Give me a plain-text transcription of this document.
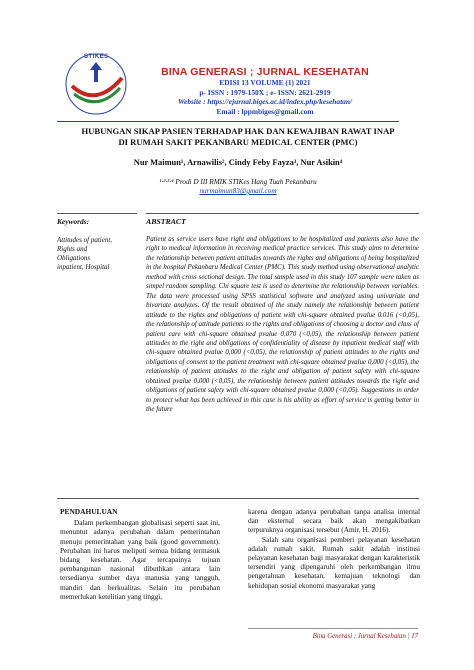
STIKES
BINA GENERASI ; JURNAL KESEHATAN
EDISI 13 VOLUME (1) 2021
p- ISSN : 1979-150X ; e- ISSN: 2621-2919
Website : https://ejurnal.biges.ac.id/index.php/kesehatan/
Email : lppmbiges@gmail.com
HUBUNGAN SIKAP PASIEN TERHADAP HAK DAN KEWAJIBAN RAWAT INAP
DI RUMAH SAKIT PEKANBARU MEDICAL CENTER (PMC)
Nur Maimun¹, Arnawilis², Cindy Feby Fayza³, Nur Asikin⁴
¹·²·³·⁴ Prodi D III RMIK STIKes Hang Tuah Pekanbaru
nurmaimun83@gmail.com
Keywords:
Attitudes of patient,
Rights and
Obligations
inpatient, Hospital
ABSTRACT
Patient as service users have right and obligations to be hospitalized and patients also have the right to medical information in receiving medical practice services. This study aims to determine the relationship between patient attitudes towards the rights and obligations of being hospitalized in the hospital Pekanbaru Medical Center (PMC). This study method using observational analytic method with cross sectional design. The total sample used in this study 107 sample were taken as simpel random sampling. Chi square test is used to determine the relationship between variables. The data were processed using SPSS statistical software and analyzed using univariate and bivariate analyzes. Of the result obtained of the study namely the relationship between patient attitude to the rights and obligations of patient with chi-square obtained pvalue 0.016 (<0,05), the relationship of attitude patients to the rights and obligations of choosing a doctor and class of patient care with chi-square obtained pvalue 0,070 (<0,05), the relationship between patient attitudes to the right and obligations of confidentiality of disease by inpatient medical staff with chi-square obtained pvalue 0,000 (<0,05), the relationship of patient attitudes to the rights and obligations of consent to the patient treatment with chi-square obtained pvalue 0,000 (<0,05), the relationship of patient attitudes to the right and obligation of patient safety with chi-square obtained pvalue 0,000 (<0,05), the relationship between patient attitudes towards the right and obligations of patient safety with chi-square obtained pvalue 0,000 (<0,05). Suggestions in order to protect what has been achieved in this case is his ability as effort of service is getting better in the future
PENDAHULUAN

Dalam perkembangan globalisasi seperti saat ini, menuntut adanya perubahan dalam pemerintahan menuju pemerintahan yang baik (good government). Perubahan ini harus meliputi semua bidang termasuk bidang kesehatan. Agar tercapainya tujuan pembangunan nasional dibuthkan antara lain tersedianya sumber daya manusia yang tangguh, mandiri dan berkualitas. Selain itu perubahan memerlukan ketelitian yang tinggi,

karena dengan adanya perubahan tanpa analisa internal dan eksternal secara baik akan mengakibatkan terpuruknya organisasi tersebut (Amir, H. 2016).

Salah satu organisasi pemberi pelayanan kesehatan adalah rumah sakit. Rumah sakit adalah institusi pelayanan kesehatan bagi masyarakat dengan karakteristik tersendiri yang dipengaruhi oleh perkembangan ilmu pengetahuan kesehatan, kemajuan teknologi dan kehidupan sosial ekonomi masyarakat yang

Bina Generasi ; Jurnal Kesehatan | 17
